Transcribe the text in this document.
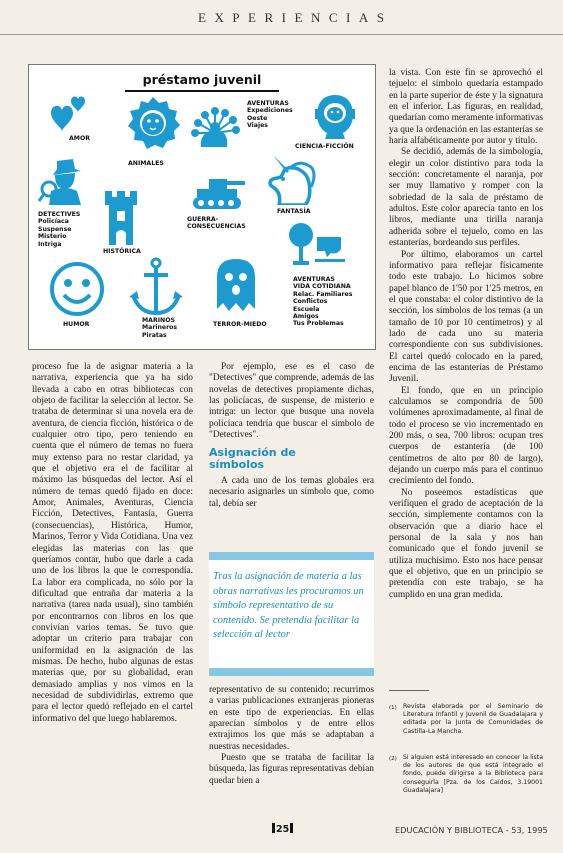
EXPERIENCIAS
préstamo juvenil
AMOR
ANIMALES
AVENTURAS
Expediciones
Oeste
Viajes
CIENCIA-FICCIÓN
DETECTIVES
Policíaca
Suspense
Misterio
Intriga
HISTÓRICA
GUERRA-
CONSECUENCIAS
FANTASÍA
AVENTURAS
VIDA COTIDIANA
Relac. Familiares
Conflictos
Escuela
Amigos
Tus Problemas
HUMOR
MARINOS
Marineros
Piratas
TERROR-MIEDO

proceso fue la de asignar materia a la narrativa, experiencia que ya ha sido llevada a cabo en otras bibliotecas con objeto de facilitar la selección al lector. Se trataba de determinar si una novela era de aventura, de ciencia ficción, histórica o de cualquier otro tipo, pero teniendo en cuenta que el número de temas no fuera muy extenso para no restar claridad, ya que el objetivo era el de facilitar al máximo las búsquedas del lector. Así el número de temas quedó fijado en doce: Amor, Animales, Aventuras, Ciencia Ficción, Detectives, Fantasía, Guerra (consecuencias), Histórica, Humor, Marinos, Terror y Vida Cotidiana. Una vez elegidas las materias con las que queríamos contar, hubo que darle a cada uno de los libros la que le correspondía. La labor era complicada, no sólo por la dificultad que entraña dar materia a la narrativa (tarea nada usual), sino también por encontrarnos con libros en los que convivían varios temas. Se tuvo que adoptar un criterio para trabajar con uniformidad en la asignación de las mismas. De hecho, hubo algunas de estas materias que, por su globalidad, eran demasiado amplias y nos vimos en la necesidad de subdividirlas, extremo que para el lector quedó reflejado en el cartel informativo del que luego hablaremos.

Por ejemplo, ese es el caso de "Detectives" que comprende, además de las novelas de detectives propiamente dichas, las policíacas, de suspense, de misterio e intriga: un lector que busque una novela policíaca tendría que buscar el símbolo de "Detectives".

Asignación de
símbolos

A cada uno de los temas globales era necesario asignarles un símbolo que, como tal, debía ser

Tras la asignación de materia a las obras narrativas les procuramos un símbolo representativo de su contenido. Se pretendía facilitar la selección al lector

representativo de su contenido; recurrimos a varias publicaciones extranjeras pioneras en este tipo de experiencias. En ellas aparecían símbolos y de entre ellos extrajimos los que más se adaptaban a nuestras necesidades.

Puesto que se trataba de facilitar la búsqueda, las figuras representativas debían quedar bien a

la vista. Con este fin se aprovechó el tejuelo: el símbolo quedaría estampado en la parte superior de éste y la signatura en el inferior. Las figuras, en realidad, quedarían como meramente informativas ya que la ordenación en las estanterías se haría alfabéticamente por autor y título.

Se decidió, además de la simbología, elegir un color distintivo para toda la sección: concretamente el naranja, por ser muy llamativo y romper con la sobriedad de la sala de préstamo de adultos. Este color aparecía tanto en los libros, mediante una tirilla naranja adherida sobre el tejuelo, como en las estanterías, bordeando sus perfiles.

Por último, elaboramos un cartel informativo para reflejar físicamente todo este trabajo. Lo hicimos sobre papel blanco de 1'50 por 1'25 metros, en el que constaba: el color distintivo de la sección, los símbolos de los temas (a un tamaño de 10 por 10 centímetros) y al lado de cada uno su materia correspondiente con sus subdivisiones. El cartel quedó colocado en la pared, encima de las estanterías de Préstamo Juvenil.

El fondo, que en un principio calculamos se compondría de 500 volúmenes aproximadamente, al final de todo el proceso se vio incrementado en 200 más, o sea, 700 libros: ocupan tres cuerpos de estantería (de 100 centímetros de alto por 80 de largo), dejando un cuerpo más para el continuo crecimiento del fondo.

No poseemos estadísticas que verifiquen el grado de aceptación de la sección, simplemente contamos con la observación que a diario hace el personal de la sala y nos han comunicado que el fondo juvenil se utiliza muchísimo. Esto nos hace pensar que el objetivo, que en un principio se pretendía con este trabajo, se ha cumplido en una gran medida.

(1) Revista elaborada por el Seminario de Literatura Infantil y Juvenil de Guadalajara y editada por la Junta de Comunidades de Castilla-La Mancha.
(2) Si alguien está interesado en conocer la lista de los autores de que está integrado el fondo, puede dirigirse a la Biblioteca para conseguirla [Pza. de los Caídos, 3.19001 Guadalajara]
25	EDUCACIÓN Y BIBLIOTECA - 53, 1995
